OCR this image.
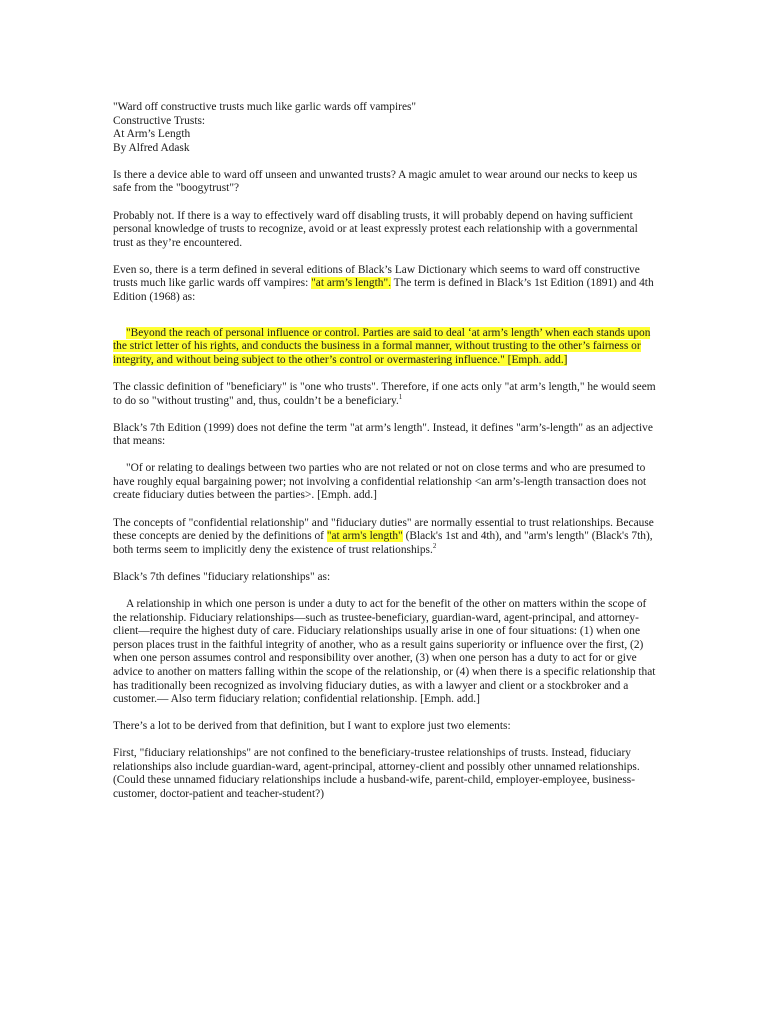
"Ward off constructive trusts much like garlic wards off vampires"
Constructive Trusts:
At Arm’s Length
By Alfred Adask

Is there a device able to ward off unseen and unwanted trusts? A magic amulet to wear around our necks to keep us safe from the "boogytrust"?

Probably not. If there is a way to effectively ward off disabling trusts, it will probably depend on having sufficient personal knowledge of trusts to recognize, avoid or at least expressly protest each relationship with a governmental trust as they’re encountered.

Even so, there is a term defined in several editions of Black’s Law Dictionary which seems to ward off constructive trusts much like garlic wards off vampires: "at arm’s length". The term is defined in Black’s 1st Edition (1891) and 4th Edition (1968) as:

"Beyond the reach of personal influence or control. Parties are said to deal ‘at arm’s length’ when each stands upon the strict letter of his rights, and conducts the business in a formal manner, without trusting to the other’s fairness or integrity, and without being subject to the other’s control or overmastering influence." [Emph. add.]

The classic definition of "beneficiary" is "one who trusts". Therefore, if one acts only "at arm’s length," he would seem to do so "without trusting" and, thus, couldn’t be a beneficiary.$^1$

Black’s 7th Edition (1999) does not define the term "at arm’s length". Instead, it defines "arm’s-length" as an adjective that means:

"Of or relating to dealings between two parties who are not related or not on close terms and who are presumed to have roughly equal bargaining power; not involving a confidential relationship <an arm’s-length transaction does not create fiduciary duties between the parties>. [Emph. add.]

The concepts of "confidential relationship" and "fiduciary duties" are normally essential to trust relationships. Because these concepts are denied by the definitions of "at arm's length" (Black's 1st and 4th), and "arm's length" (Black's 7th), both terms seem to implicitly deny the existence of trust relationships.$^2$

Black’s 7th defines "fiduciary relationships" as:

A relationship in which one person is under a duty to act for the benefit of the other on matters within the scope of the relationship. Fiduciary relationships—such as trustee-beneficiary, guardian-ward, agent-principal, and attorney-client—require the highest duty of care. Fiduciary relationships usually arise in one of four situations: (1) when one person places trust in the faithful integrity of another, who as a result gains superiority or influence over the first, (2) when one person assumes control and responsibility over another, (3) when one person has a duty to act for or give advice to another on matters falling within the scope of the relationship, or (4) when there is a specific relationship that has traditionally been recognized as involving fiduciary duties, as with a lawyer and client or a stockbroker and a customer.— Also term fiduciary relation; confidential relationship. [Emph. add.]

There’s a lot to be derived from that definition, but I want to explore just two elements:

First, "fiduciary relationships" are not confined to the beneficiary-trustee relationships of trusts. Instead, fiduciary relationships also include guardian-ward, agent-principal, attorney-client and possibly other unnamed relationships. (Could these unnamed fiduciary relationships include a husband-wife, parent-child, employer-employee, business-customer, doctor-patient and teacher-student?)
